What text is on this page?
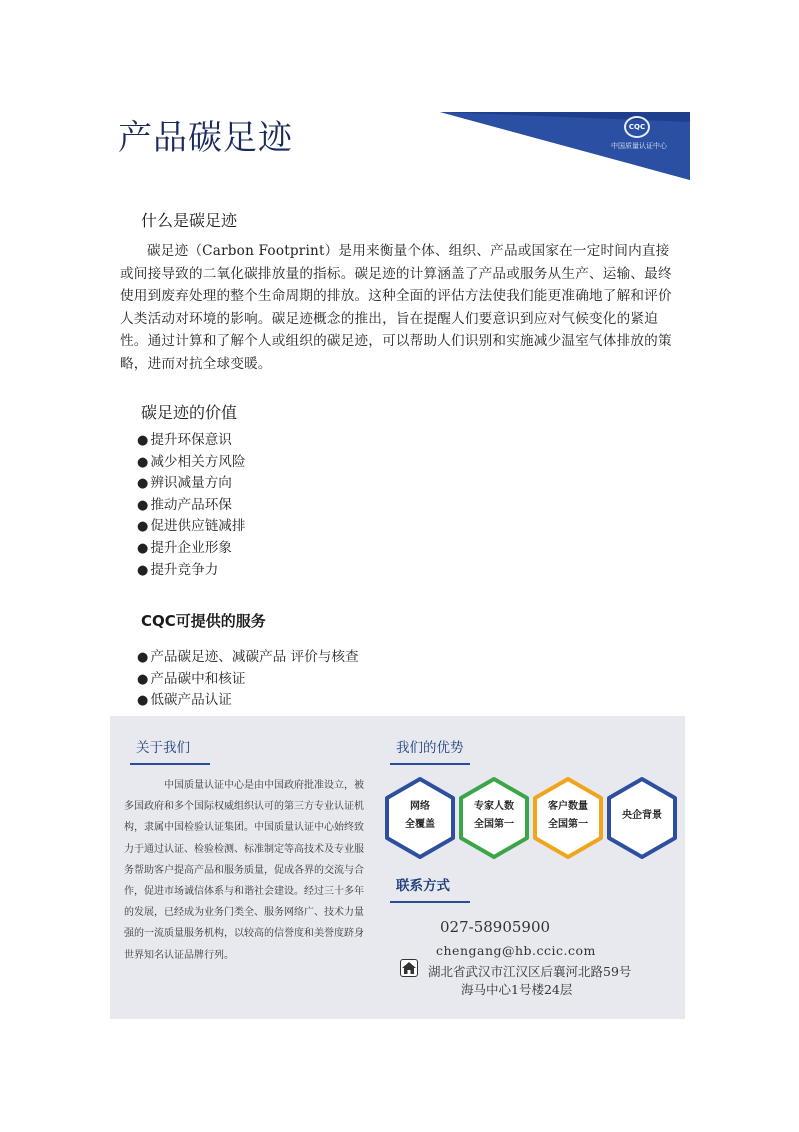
产品碳足迹	CQC
中国质量认证中心
什么是碳足迹
碳足迹（Carbon Footprint）是用来衡量个体、组织、产品或国家在一定时间内直接或间接导致的二氧化碳排放量的指标。碳足迹的计算涵盖了产品或服务从生产、运输、最终使用到废弃处理的整个生命周期的排放。这种全面的评估方法使我们能更准确地了解和评价人类活动对环境的影响。碳足迹概念的推出，旨在提醒人们要意识到应对气候变化的紧迫性。通过计算和了解个人或组织的碳足迹，可以帮助人们识别和实施减少温室气体排放的策略，进而对抗全球变暖。
碳足迹的价值
● 提升环保意识
● 减少相关方风险
● 辨识减量方向
● 推动产品环保
● 促进供应链减排
● 提升企业形象
● 提升竞争力
CQC可提供的服务
● 产品碳足迹、减碳产品 评价与核查
● 产品碳中和核证
● 低碳产品认证
关于我们
中国质量认证中心是由中国政府批准设立，被多国政府和多个国际权威组织认可的第三方专业认证机构，隶属中国检验认证集团。中国质量认证中心始终致力于通过认证、检验检测、标准制定等高技术及专业服务帮助客户提高产品和服务质量，促成各界的交流与合作，促进市场诚信体系与和谐社会建设。经过三十多年的发展，已经成为业务门类全、服务网络广、技术力量强的一流质量服务机构，以较高的信誉度和美誉度跻身世界知名认证品牌行列。
我们的优势
网络
全覆盖
专家人数
全国第一
客户数量
全国第一
央企背景
联系方式
027-58905900
chengang@hb.ccic.com
湖北省武汉市江汉区后襄河北路59号
海马中心1号楼24层
